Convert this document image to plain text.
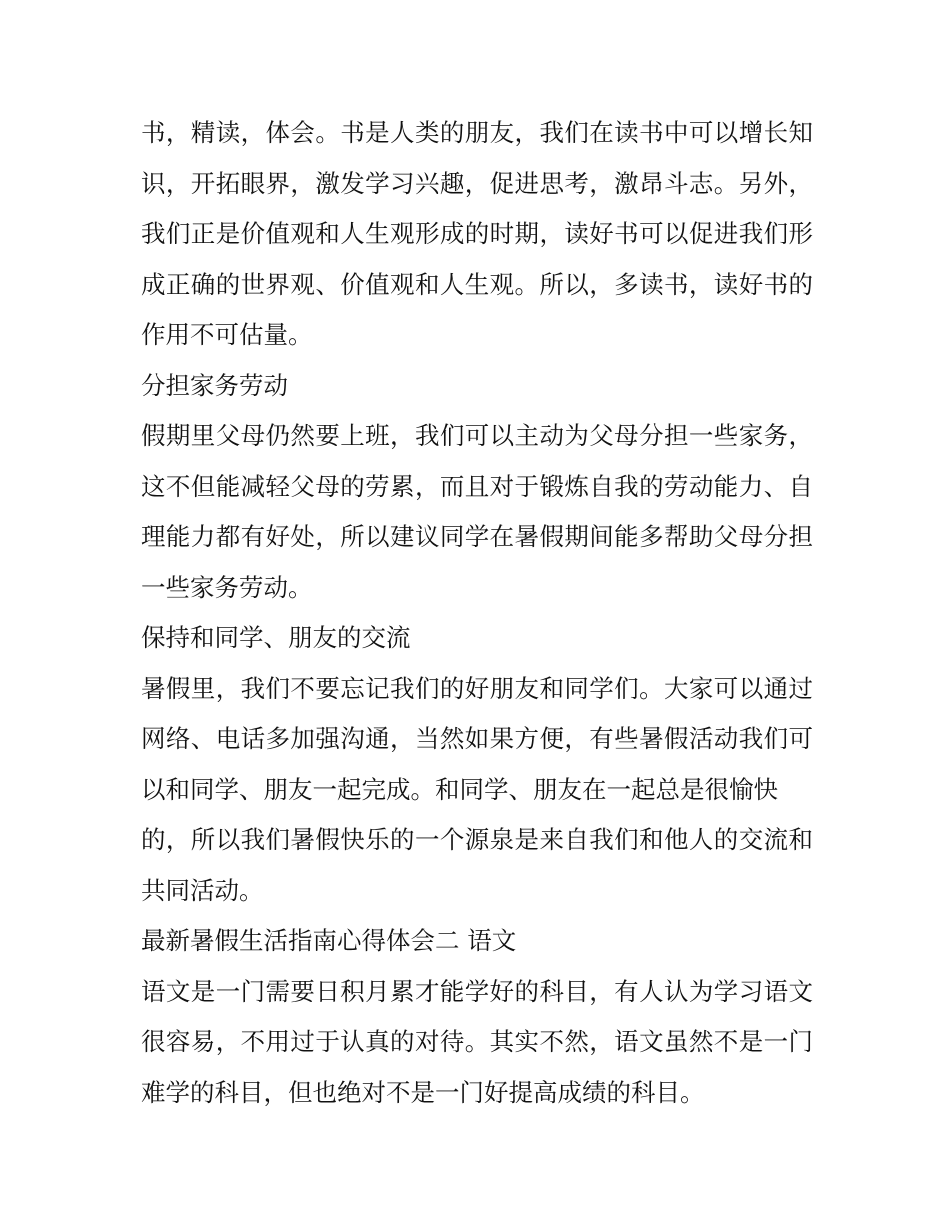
书，精读，体会。书是人类的朋友，我们在读书中可以增长知
识，开拓眼界，激发学习兴趣，促进思考，激昂斗志。另外，
我们正是价值观和人生观形成的时期，读好书可以促进我们形
成正确的世界观、价值观和人生观。所以，多读书，读好书的
作用不可估量。
分担家务劳动
假期里父母仍然要上班，我们可以主动为父母分担一些家务，
这不但能减轻父母的劳累，而且对于锻炼自我的劳动能力、自
理能力都有好处，所以建议同学在暑假期间能多帮助父母分担
一些家务劳动。
保持和同学、朋友的交流
暑假里，我们不要忘记我们的好朋友和同学们。大家可以通过
网络、电话多加强沟通，当然如果方便，有些暑假活动我们可
以和同学、朋友一起完成。和同学、朋友在一起总是很愉快
的，所以我们暑假快乐的一个源泉是来自我们和他人的交流和
共同活动。
最新暑假生活指南心得体会二 语文
语文是一门需要日积月累才能学好的科目，有人认为学习语文
很容易，不用过于认真的对待。其实不然，语文虽然不是一门
难学的科目，但也绝对不是一门好提高成绩的科目。
